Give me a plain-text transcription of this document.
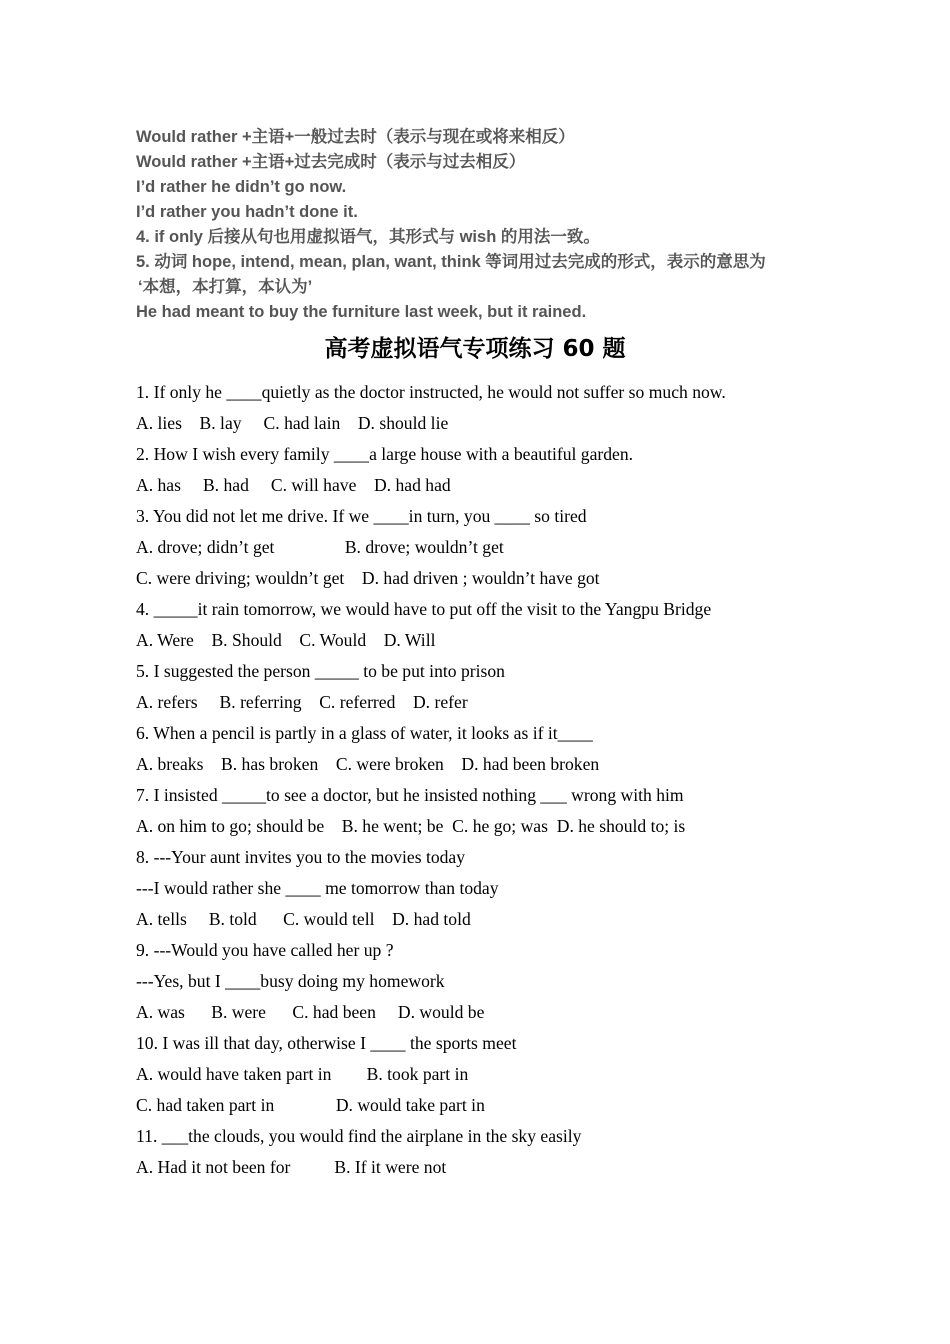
Would rather +主语+一般过去时（表示与现在或将来相反）
Would rather +主语+过去完成时（表示与过去相反）
I’d rather he didn’t go now.
I’d rather you hadn’t done it.
4. if only 后接从句也用虚拟语气，其形式与 wish 的用法一致。
5. 动词 hope, intend, mean, plan, want, think 等词用过去完成的形式，表示的意思为
‘本想，本打算，本认为’
He had meant to buy the furniture last week, but it rained.
高考虚拟语气专项练习 60 题
1. If only he ____quietly as the doctor instructed, he would not suffer so much now.
A. lies    B. lay     C. had lain    D. should lie
2. How I wish every family ____a large house with a beautiful garden.
A. has     B. had     C. will have    D. had had
3. You did not let me drive. If we ____in turn, you ____ so tired
A. drove; didn’t get                B. drove; wouldn’t get
C. were driving; wouldn’t get    D. had driven ; wouldn’t have got
4. _____it rain tomorrow, we would have to put off the visit to the Yangpu Bridge
A. Were    B. Should    C. Would    D. Will
5. I suggested the person _____ to be put into prison
A. refers     B. referring    C. referred    D. refer
6. When a pencil is partly in a glass of water, it looks as if it____
A. breaks    B. has broken    C. were broken    D. had been broken
7. I insisted _____to see a doctor, but he insisted nothing ___ wrong with him
A. on him to go; should be    B. he went; be  C. he go; was  D. he should to; is
8. ---Your aunt invites you to the movies today
---I would rather she ____ me tomorrow than today
A. tells     B. told      C. would tell    D. had told
9. ---Would you have called her up ?
---Yes, but I ____busy doing my homework
A. was      B. were      C. had been     D. would be
10. I was ill that day, otherwise I ____ the sports meet
A. would have taken part in        B. took part in
C. had taken part in              D. would take part in
11. ___the clouds, you would find the airplane in the sky easily
A. Had it not been for          B. If it were not
